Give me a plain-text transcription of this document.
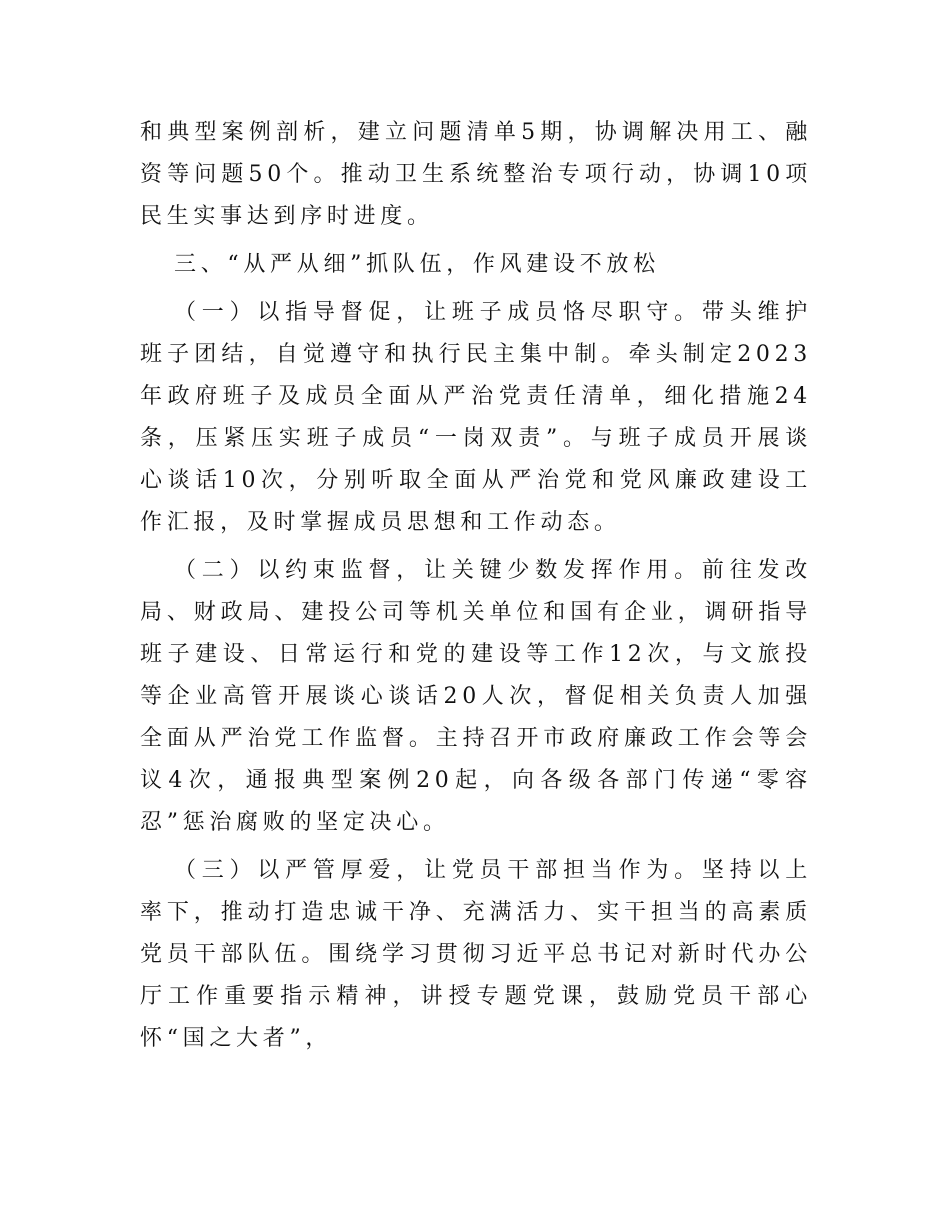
和典型案例剖析，建立问题清单5期，协调解决用工、融资等问题50个。推动卫生系统整治专项行动，协调10项民生实事达到序时进度。

三、“从严从细”抓队伍，作风建设不放松

（一）以指导督促，让班子成员恪尽职守。带头维护班子团结，自觉遵守和执行民主集中制。牵头制定2023年政府班子及成员全面从严治党责任清单，细化措施24条，压紧压实班子成员“一岗双责”。与班子成员开展谈心谈话10次，分别听取全面从严治党和党风廉政建设工作汇报，及时掌握成员思想和工作动态。

（二）以约束监督，让关键少数发挥作用。前往发改局、财政局、建投公司等机关单位和国有企业，调研指导班子建设、日常运行和党的建设等工作12次，与文旅投等企业高管开展谈心谈话20人次，督促相关负责人加强全面从严治党工作监督。主持召开市政府廉政工作会等会议4次，通报典型案例20起，向各级各部门传递“零容忍”惩治腐败的坚定决心。

（三）以严管厚爱，让党员干部担当作为。坚持以上率下，推动打造忠诚干净、充满活力、实干担当的高素质党员干部队伍。围绕学习贯彻习近平总书记对新时代办公厅工作重要指示精神，讲授专题党课，鼓励党员干部心怀“国之大者”，
